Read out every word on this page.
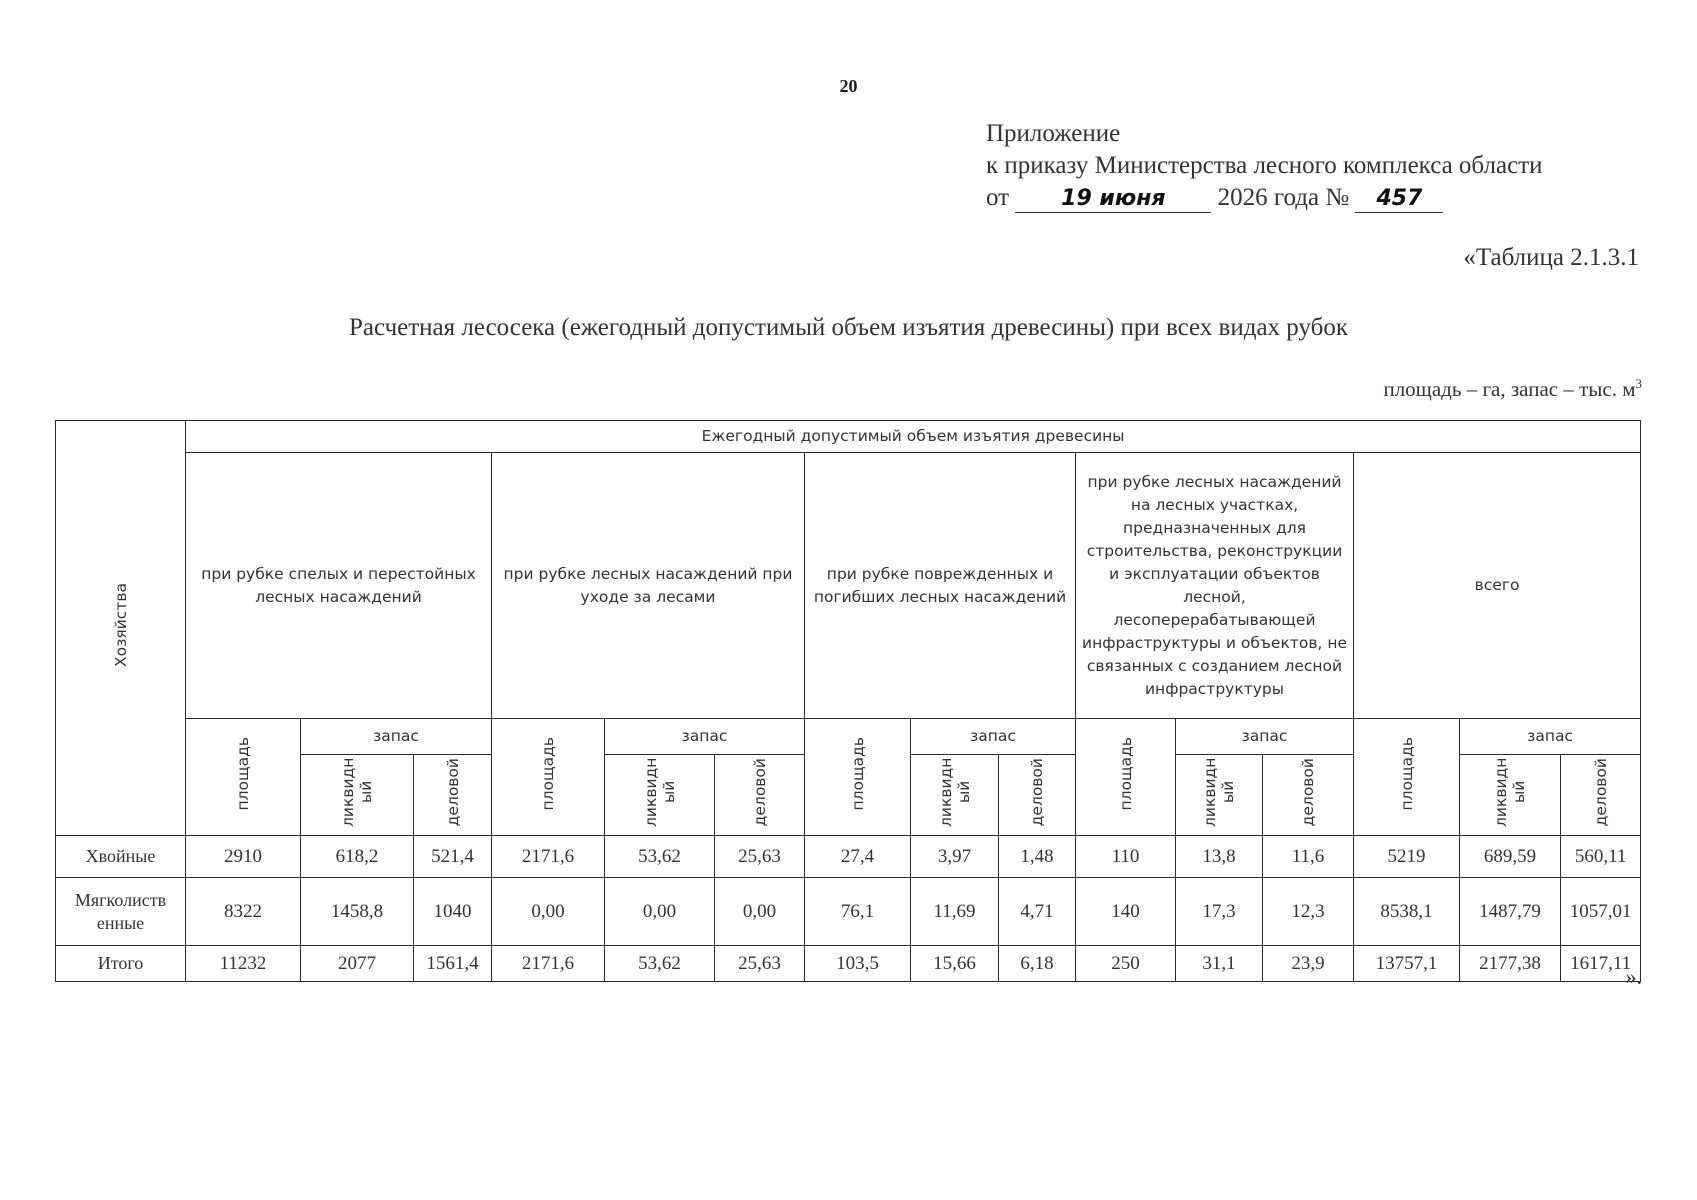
20
Приложение
к приказу Министерства лесного комплекса области
от 19 июня 2026 года № 457
«Таблица 2.1.3.1
Расчетная лесосека (ежегодный допустимый объем изъятия древесины) при всех видах рубок
площадь – га, запас – тыс. $м^3$
Хозяйства	Ежегодный допустимый объем изъятия древесины														
	при рубке спелых и перестойных лесных насаждений			при рубке лесных насаждений при уходе за лесами			при рубке поврежденных и погибших лесных насаждений			при рубке лесных насаждений на лесных участках, предназначенных для строительства, реконструкции и эксплуатации объектов лесной, лесоперерабатывающей инфраструктуры и объектов, не связанных с созданием лесной инфраструктуры			всего		
	площадь	запас		площадь	запас		площадь	запас		площадь	запас		площадь	запас	
		ликвидн ый	деловой		ликвидн ый	деловой		ликвидн ый	деловой		ликвидн ый	деловой		ликвидн ый	деловой
Хвойные	2910	618,2	521,4	2171,6	53,62	25,63	27,4	3,97	1,48	110	13,8	11,6	5219	689,59	560,11
Мягколиств енные	8322	1458,8	1040	0,00	0,00	0,00	76,1	11,69	4,71	140	17,3	12,3	8538,1	1487,79	1057,01
Итого	11232	2077	1561,4	2171,6	53,62	25,63	103,5	15,66	6,18	250	31,1	23,9	13757,1	2177,38	1617,11
».
